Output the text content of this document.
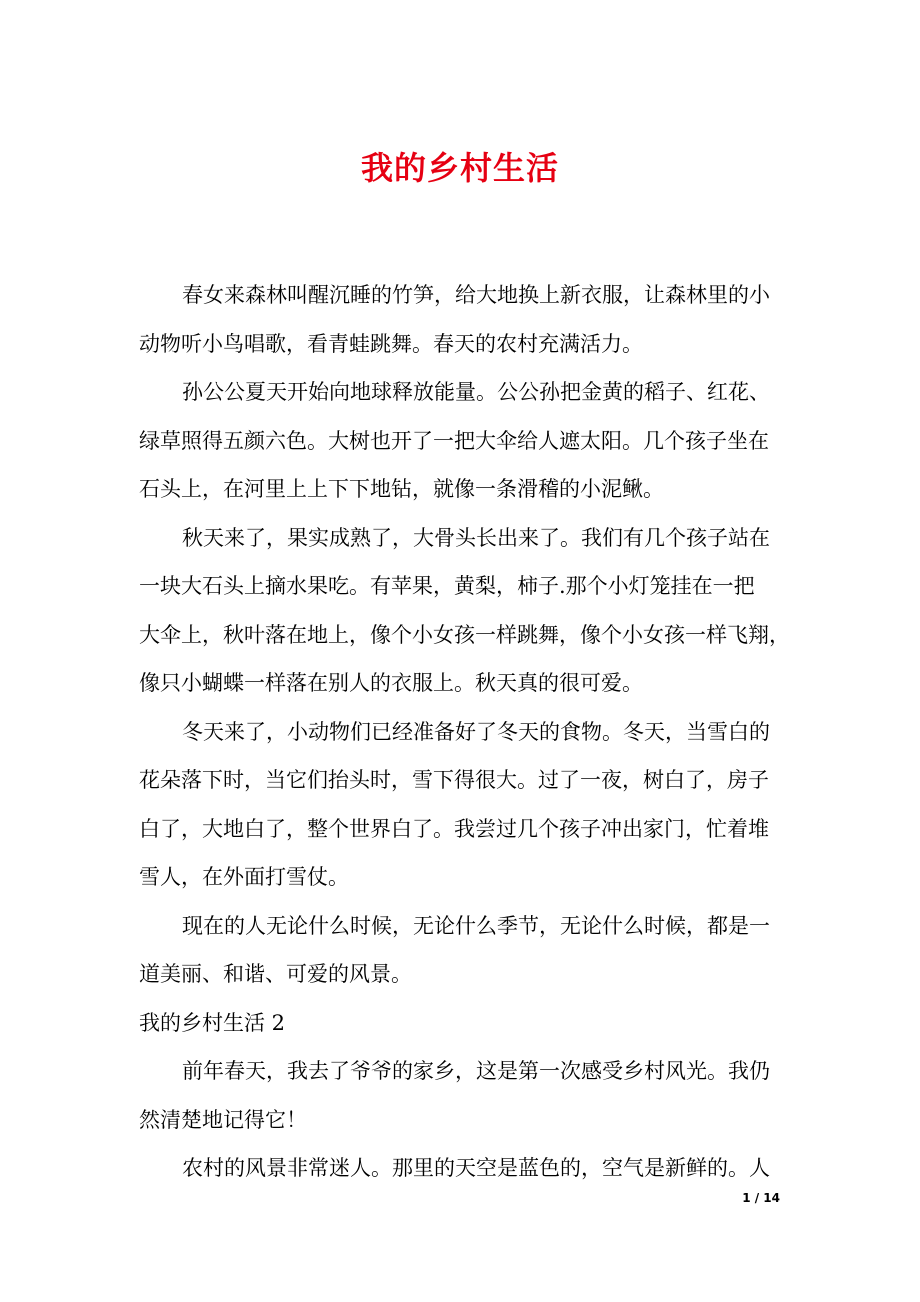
我的乡村生活
春女来森林叫醒沉睡的竹笋，给大地换上新衣服，让森林里的小
动物听小鸟唱歌，看青蛙跳舞。春天的农村充满活力。
孙公公夏天开始向地球释放能量。公公孙把金黄的稻子、红花、
绿草照得五颜六色。大树也开了一把大伞给人遮太阳。几个孩子坐在
石头上，在河里上上下下地钻，就像一条滑稽的小泥鳅。
秋天来了，果实成熟了，大骨头长出来了。我们有几个孩子站在
一块大石头上摘水果吃。有苹果，黄梨，柿子.那个小灯笼挂在一把
大伞上，秋叶落在地上，像个小女孩一样跳舞，像个小女孩一样飞翔，
像只小蝴蝶一样落在别人的衣服上。秋天真的很可爱。
冬天来了，小动物们已经准备好了冬天的食物。冬天，当雪白的
花朵落下时，当它们抬头时，雪下得很大。过了一夜，树白了，房子
白了，大地白了，整个世界白了。我尝过几个孩子冲出家门，忙着堆
雪人，在外面打雪仗。
现在的人无论什么时候，无论什么季节，无论什么时候，都是一
道美丽、和谐、可爱的风景。
我的乡村生活 2
前年春天，我去了爷爷的家乡，这是第一次感受乡村风光。我仍
然清楚地记得它！
农村的风景非常迷人。那里的天空是蓝色的，空气是新鲜的。人
1 / 14
